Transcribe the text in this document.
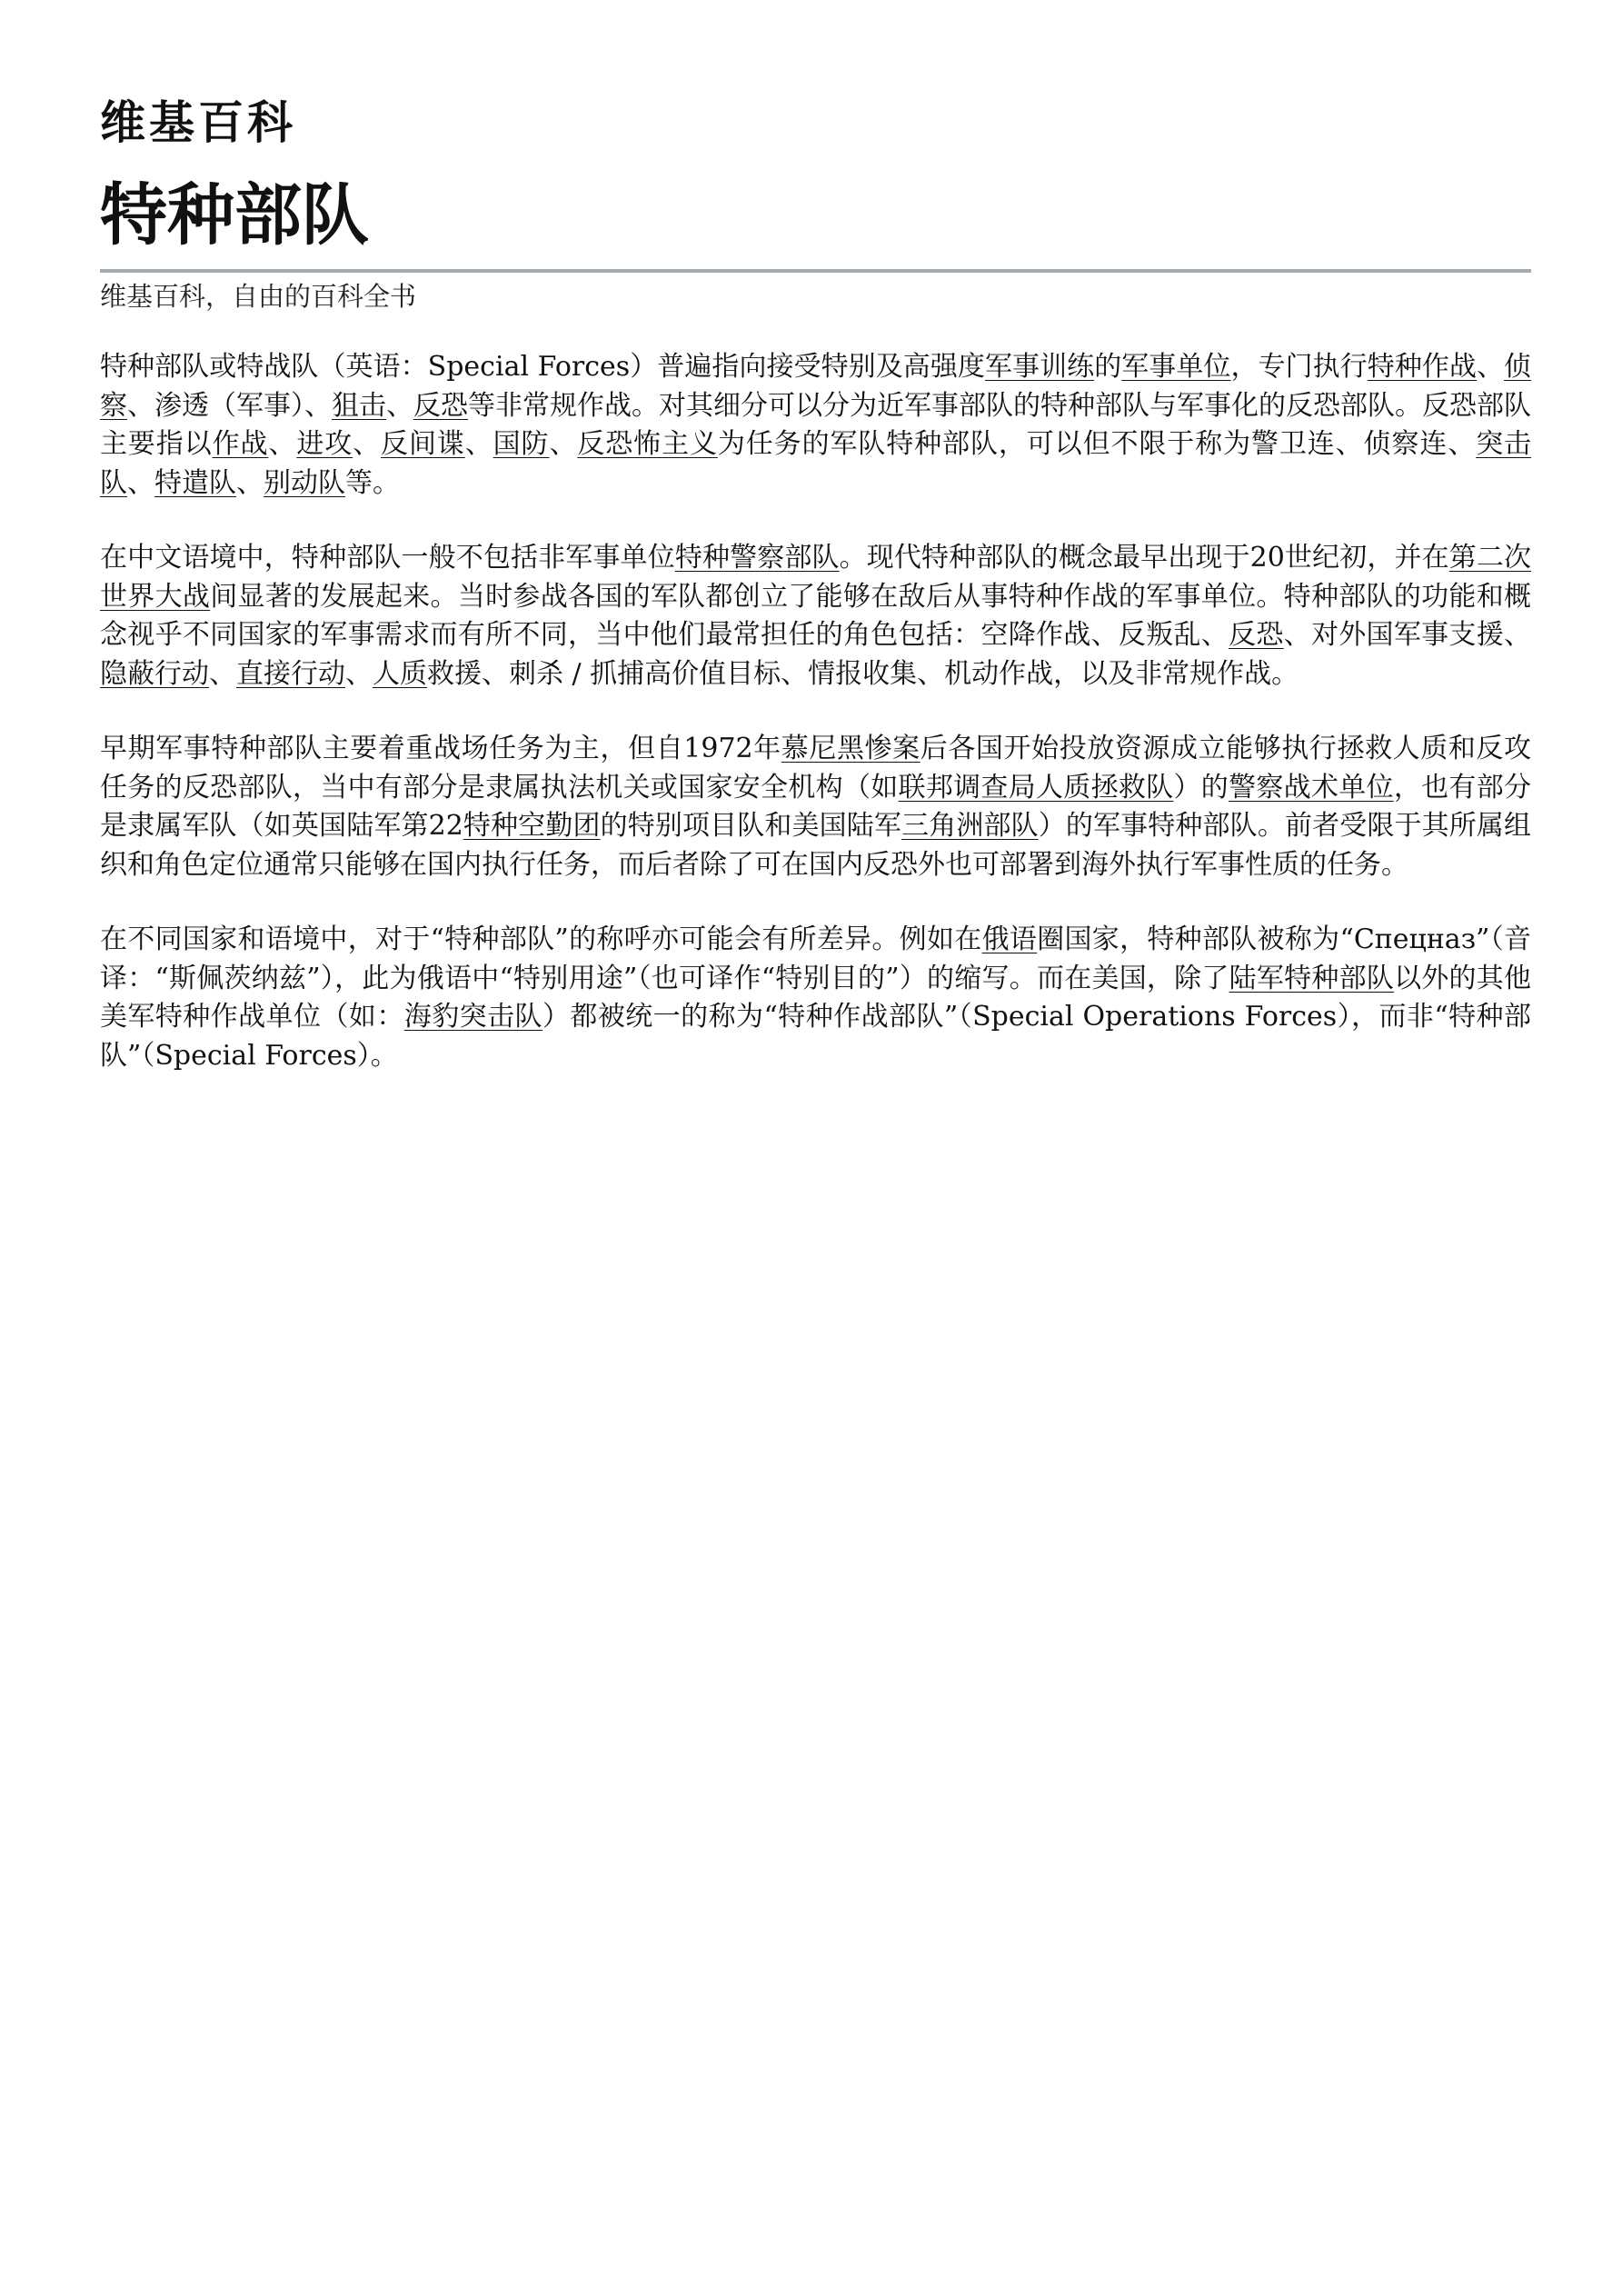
维基百科
特种部队
维基百科，自由的百科全书

特种部队或特战队（英语：Special Forces）普遍指向接受特别及高强度军事训练的军事单位，专门执行特种作战、侦察、渗透（军事）、狙击、反恐等非常规作战。对其细分可以分为近军事部队的特种部队与军事化的反恐部队。反恐部队主要指以作战、进攻、反间谍、国防、反恐怖主义为任务的军队特种部队，可以但不限于称为警卫连、侦察连、突击队、特遣队、别动队等。

在中文语境中，特种部队一般不包括非军事单位特种警察部队。现代特种部队的概念最早出现于20世纪初，并在第二次世界大战间显著的发展起来。当时参战各国的军队都创立了能够在敌后从事特种作战的军事单位。特种部队的功能和概念视乎不同国家的军事需求而有所不同，当中他们最常担任的角色包括：空降作战、反叛乱、反恐、对外国军事支援、隐蔽行动、直接行动、人质救援、刺杀 / 抓捕高价值目标、情报收集、机动作战，以及非常规作战。

早期军事特种部队主要着重战场任务为主，但自1972年慕尼黑惨案后各国开始投放资源成立能够执行拯救人质和反攻任务的反恐部队，当中有部分是隶属执法机关或国家安全机构（如联邦调查局人质拯救队）的警察战术单位，也有部分是隶属军队（如英国陆军第22特种空勤团的特别项目队和美国陆军三角洲部队）的军事特种部队。前者受限于其所属组织和角色定位通常只能够在国内执行任务，而后者除了可在国内反恐外也可部署到海外执行军事性质的任务。

在不同国家和语境中，对于“特种部队”的称呼亦可能会有所差异。例如在俄语圈国家，特种部队被称为“Спецназ”（音译：“斯佩茨纳兹”），此为俄语中“特别用途”（也可译作“特别目的”）的缩写。而在美国，除了陆军特种部队以外的其他美军特种作战单位（如：海豹突击队）都被统一的称为“特种作战部队”（Special Operations Forces），而非“特种部队”（Special Forces）。
